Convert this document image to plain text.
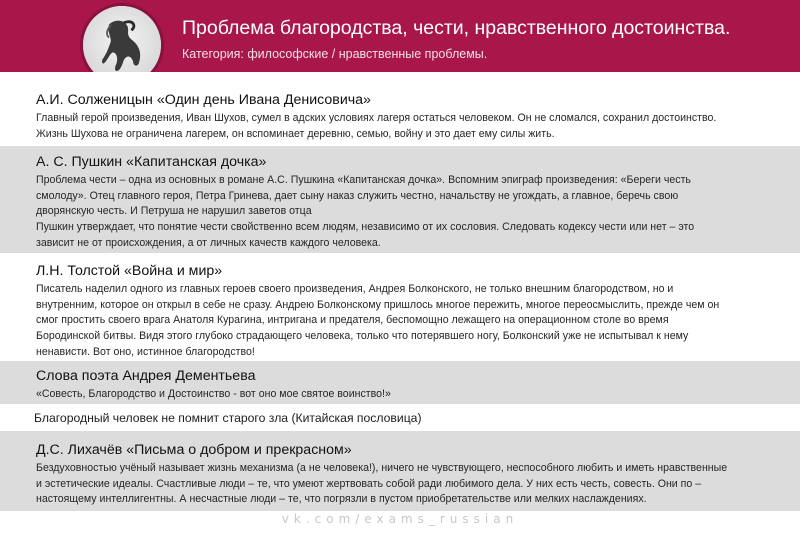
Проблема благородства, чести, нравственного достоинства.
Категория: философские / нравственные проблемы.
А.И. Солженицын «Один день Ивана Денисовича»
Главный герой произведения, Иван Шухов, сумел в адских условиях лагеря остаться человеком. Он не сломался, сохранил достоинство.
Жизнь Шухова не ограничена лагерем, он вспоминает деревню, семью, войну и это дает ему силы жить.
А. С. Пушкин «Капитанская дочка»
Проблема чести – одна из основных в романе А.С. Пушкина «Капитанская дочка». Вспомним эпиграф произведения: «Береги честь
смолоду». Отец главного героя, Петра Гринева, дает сыну наказ служить честно, начальству не угождать, а главное, беречь свою
дворянскую честь. И Петруша не нарушил заветов отца
Пушкин утверждает, что понятие чести свойственно всем людям, независимо от их сословия. Следовать кодексу чести или нет – это
зависит не от происхождения, а от личных качеств каждого человека.
Л.Н. Толстой «Война и мир»
Писатель наделил одного из главных героев своего произведения, Андрея Болконского, не только внешним благородством, но и
внутренним, которое он открыл в себе не сразу. Андрею Болконскому пришлось многое пережить, многое переосмыслить, прежде чем он
смог простить своего врага Анатоля Курагина, интригана и предателя, беспомощно лежащего на операционном столе во время
Бородинской битвы. Видя этого глубоко страдающего человека, только что потерявшего ногу, Болконский уже не испытывал к нему
ненависти. Вот оно, истинное благородство!
Слова поэта Андрея Дементьева
«Совесть, Благородство и Достоинство - вот оно мое святое воинство!»
Благородный человек не помнит старого зла (Китайская пословица)
Д.С. Лихачёв «Письма о добром и прекрасном»
Бездуховностью учёный называет жизнь механизма (а не человека!), ничего не чувствующего, неспособного любить и иметь нравственные
и эстетические идеалы. Счастливые люди – те, что умеют жертвовать собой ради любимого дела. У них есть честь, совесть. Они по –
настоящему интеллигентны. А несчастные люди – те, что погрязли в пустом приобретательстве или мелких наслаждениях.
vk.com/exams_russian
